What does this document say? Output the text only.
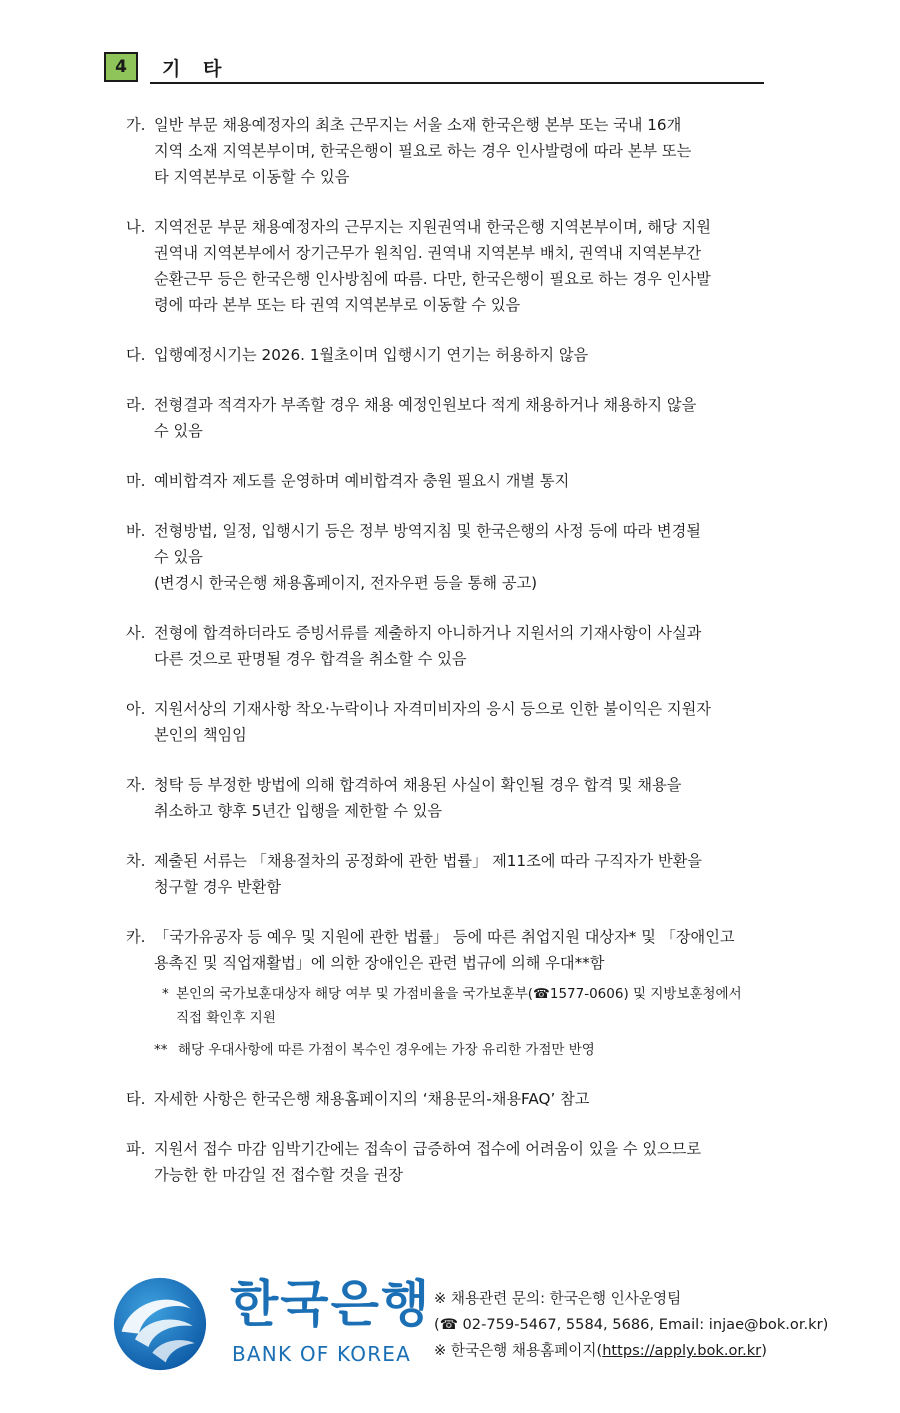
4	기 타
가. 일반 부문 채용예정자의 최초 근무지는 서울 소재 한국은행 본부 또는 국내 16개
지역 소재 지역본부이며, 한국은행이 필요로 하는 경우 인사발령에 따라 본부 또는
타 지역본부로 이동할 수 있음
나. 지역전문 부문 채용예정자의 근무지는 지원권역내 한국은행 지역본부이며, 해당 지원
권역내 지역본부에서 장기근무가 원칙임. 권역내 지역본부 배치, 권역내 지역본부간
순환근무 등은 한국은행 인사방침에 따름. 다만, 한국은행이 필요로 하는 경우 인사발
령에 따라 본부 또는 타 권역 지역본부로 이동할 수 있음
다. 입행예정시기는 2026. 1월초이며 입행시기 연기는 허용하지 않음
라. 전형결과 적격자가 부족할 경우 채용 예정인원보다 적게 채용하거나 채용하지 않을
수 있음
마. 예비합격자 제도를 운영하며 예비합격자 충원 필요시 개별 통지
바. 전형방법, 일정, 입행시기 등은 정부 방역지침 및 한국은행의 사정 등에 따라 변경될
수 있음
(변경시 한국은행 채용홈페이지, 전자우편 등을 통해 공고)
사. 전형에 합격하더라도 증빙서류를 제출하지 아니하거나 지원서의 기재사항이 사실과
다른 것으로 판명될 경우 합격을 취소할 수 있음
아. 지원서상의 기재사항 착오·누락이나 자격미비자의 응시 등으로 인한 불이익은 지원자
본인의 책임임
자. 청탁 등 부정한 방법에 의해 합격하여 채용된 사실이 확인될 경우 합격 및 채용을
취소하고 향후 5년간 입행을 제한할 수 있음
차. 제출된 서류는 「채용절차의 공정화에 관한 법률」 제11조에 따라 구직자가 반환을
청구할 경우 반환함
카. 「국가유공자 등 예우 및 지원에 관한 법률」 등에 따른 취업지원 대상자* 및 「장애인고
용촉진 및 직업재활법」에 의한 장애인은 관련 법규에 의해 우대**함
* 본인의 국가보훈대상자 해당 여부 및 가점비율을 국가보훈부(☎1577-0606) 및 지방보훈청에서
직접 확인후 지원
** 해당 우대사항에 따른 가점이 복수인 경우에는 가장 유리한 가점만 반영
타. 자세한 사항은 한국은행 채용홈페이지의 ‘채용문의-채용FAQ’ 참고
파. 지원서 접수 마감 임박기간에는 접속이 급증하여 접수에 어려움이 있을 수 있으므로
가능한 한 마감일 전 접수할 것을 권장
한국은행
BANK OF KOREA
※ 채용관련 문의: 한국은행 인사운영팀
(☎ 02-759-5467, 5584, 5686, Email: injae@bok.or.kr)
※ 한국은행 채용홈페이지(https://apply.bok.or.kr)
